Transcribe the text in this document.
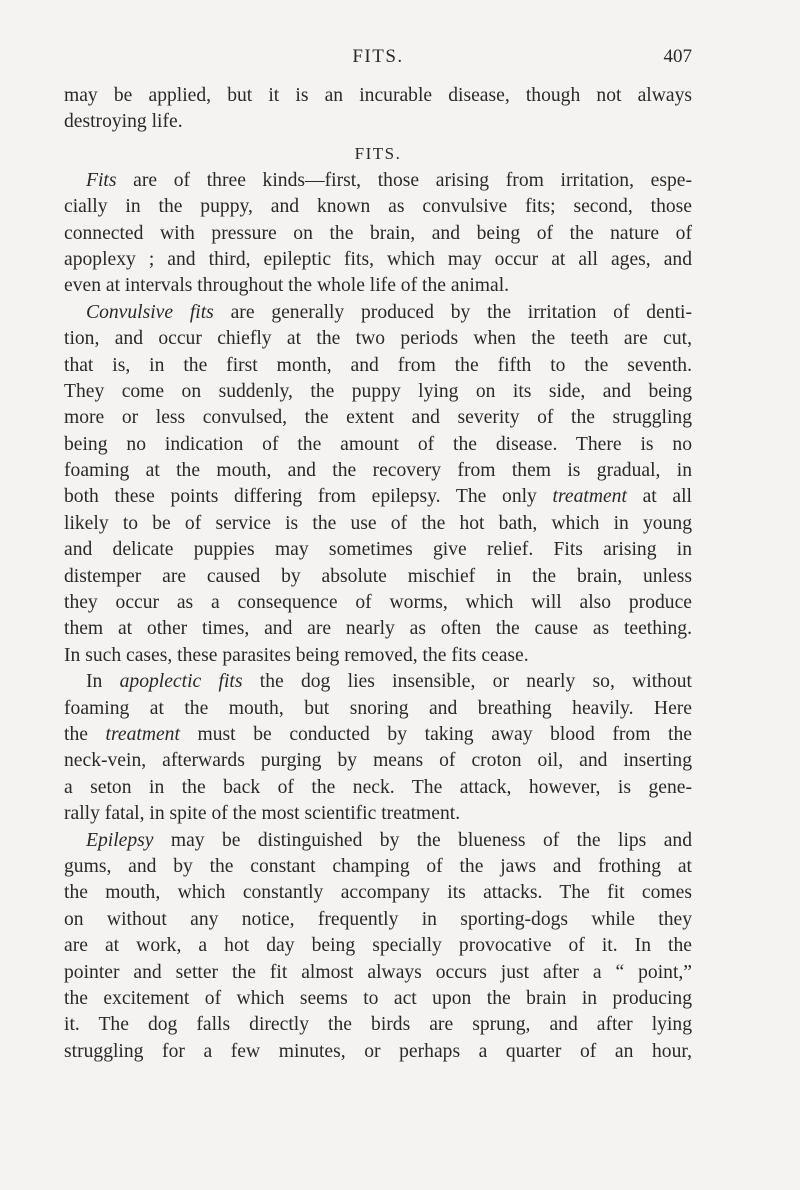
FITS.	407
may be applied, but it is an incurable disease, though not always
destroying life.
FITS.
Fits are of three kinds—first, those arising from irritation, espe-
cially in the puppy, and known as convulsive fits; second, those
connected with pressure on the brain, and being of the nature of
apoplexy ; and third, epileptic fits, which may occur at all ages, and
even at intervals throughout the whole life of the animal.
Convulsive fits are generally produced by the irritation of denti-
tion, and occur chiefly at the two periods when the teeth are cut,
that is, in the first month, and from the fifth to the seventh.
They come on suddenly, the puppy lying on its side, and being
more or less convulsed, the extent and severity of the struggling
being no indication of the amount of the disease. There is no
foaming at the mouth, and the recovery from them is gradual, in
both these points differing from epilepsy. The only treatment at all
likely to be of service is the use of the hot bath, which in young
and delicate puppies may sometimes give relief. Fits arising in
distemper are caused by absolute mischief in the brain, unless
they occur as a consequence of worms, which will also produce
them at other times, and are nearly as often the cause as teething.
In such cases, these parasites being removed, the fits cease.
In apoplectic fits the dog lies insensible, or nearly so, without
foaming at the mouth, but snoring and breathing heavily. Here
the treatment must be conducted by taking away blood from the
neck-vein, afterwards purging by means of croton oil, and inserting
a seton in the back of the neck. The attack, however, is gene-
rally fatal, in spite of the most scientific treatment.
Epilepsy may be distinguished by the blueness of the lips and
gums, and by the constant champing of the jaws and frothing at
the mouth, which constantly accompany its attacks. The fit comes
on without any notice, frequently in sporting-dogs while they
are at work, a hot day being specially provocative of it. In the
pointer and setter the fit almost always occurs just after a “ point,”
the excitement of which seems to act upon the brain in producing
it. The dog falls directly the birds are sprung, and after lying
struggling for a few minutes, or perhaps a quarter of an hour,
